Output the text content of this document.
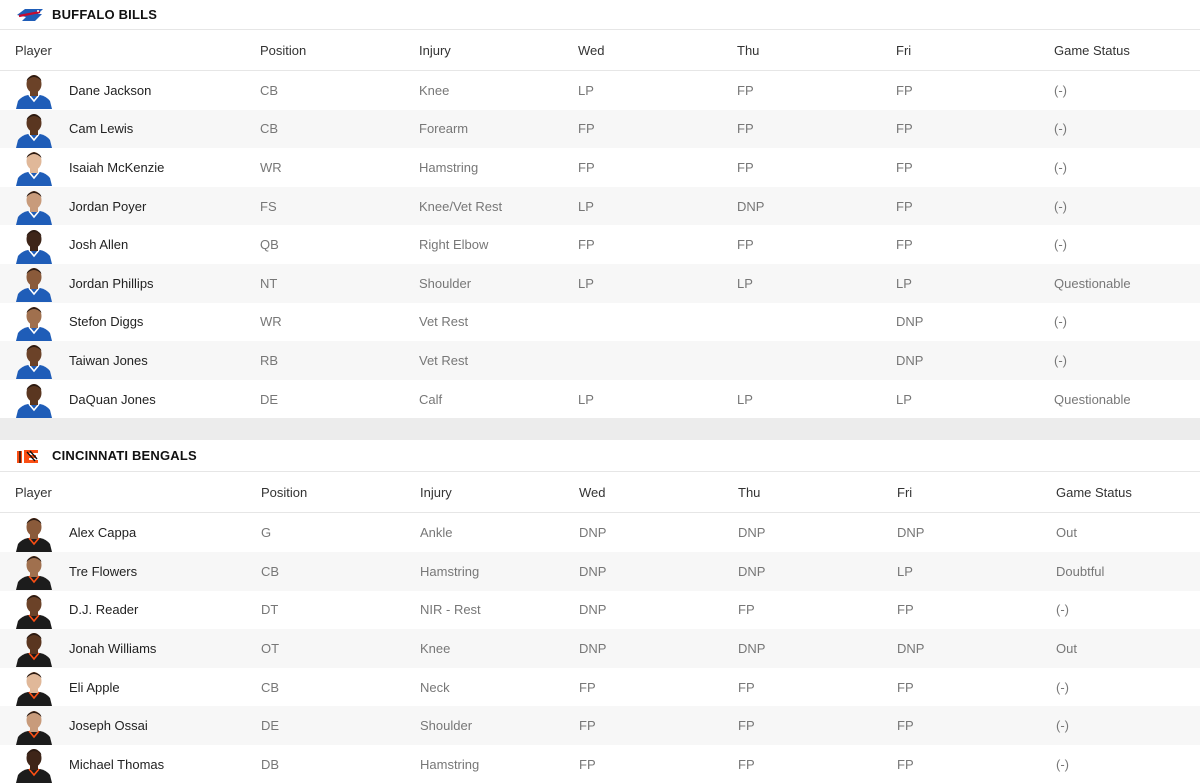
BUFFALO BILLS
Player	Position	Injury	Wed	Thu	Fri	Game Status

Dane Jackson	CB	Knee	LP	FP	FP	(-)

Cam Lewis	CB	Forearm	FP	FP	FP	(-)

Isaiah McKenzie	WR	Hamstring	FP	FP	FP	(-)

Jordan Poyer	FS	Knee/Vet Rest	LP	DNP	FP	(-)

Josh Allen	QB	Right Elbow	FP	FP	FP	(-)

Jordan Phillips	NT	Shoulder	LP	LP	LP	Questionable

Stefon Diggs	WR	Vet Rest			DNP	(-)

Taiwan Jones	RB	Vet Rest			DNP	(-)

DaQuan Jones	DE	Calf	LP	LP	LP	Questionable
CINCINNATI BENGALS
Player	Position	Injury	Wed	Thu	Fri	Game Status

Alex Cappa	G	Ankle	DNP	DNP	DNP	Out

Tre Flowers	CB	Hamstring	DNP	DNP	LP	Doubtful

D.J. Reader	DT	NIR - Rest	DNP	FP	FP	(-)

Jonah Williams	OT	Knee	DNP	DNP	DNP	Out

Eli Apple	CB	Neck	FP	FP	FP	(-)

Joseph Ossai	DE	Shoulder	FP	FP	FP	(-)

Michael Thomas	DB	Hamstring	FP	FP	FP	(-)
